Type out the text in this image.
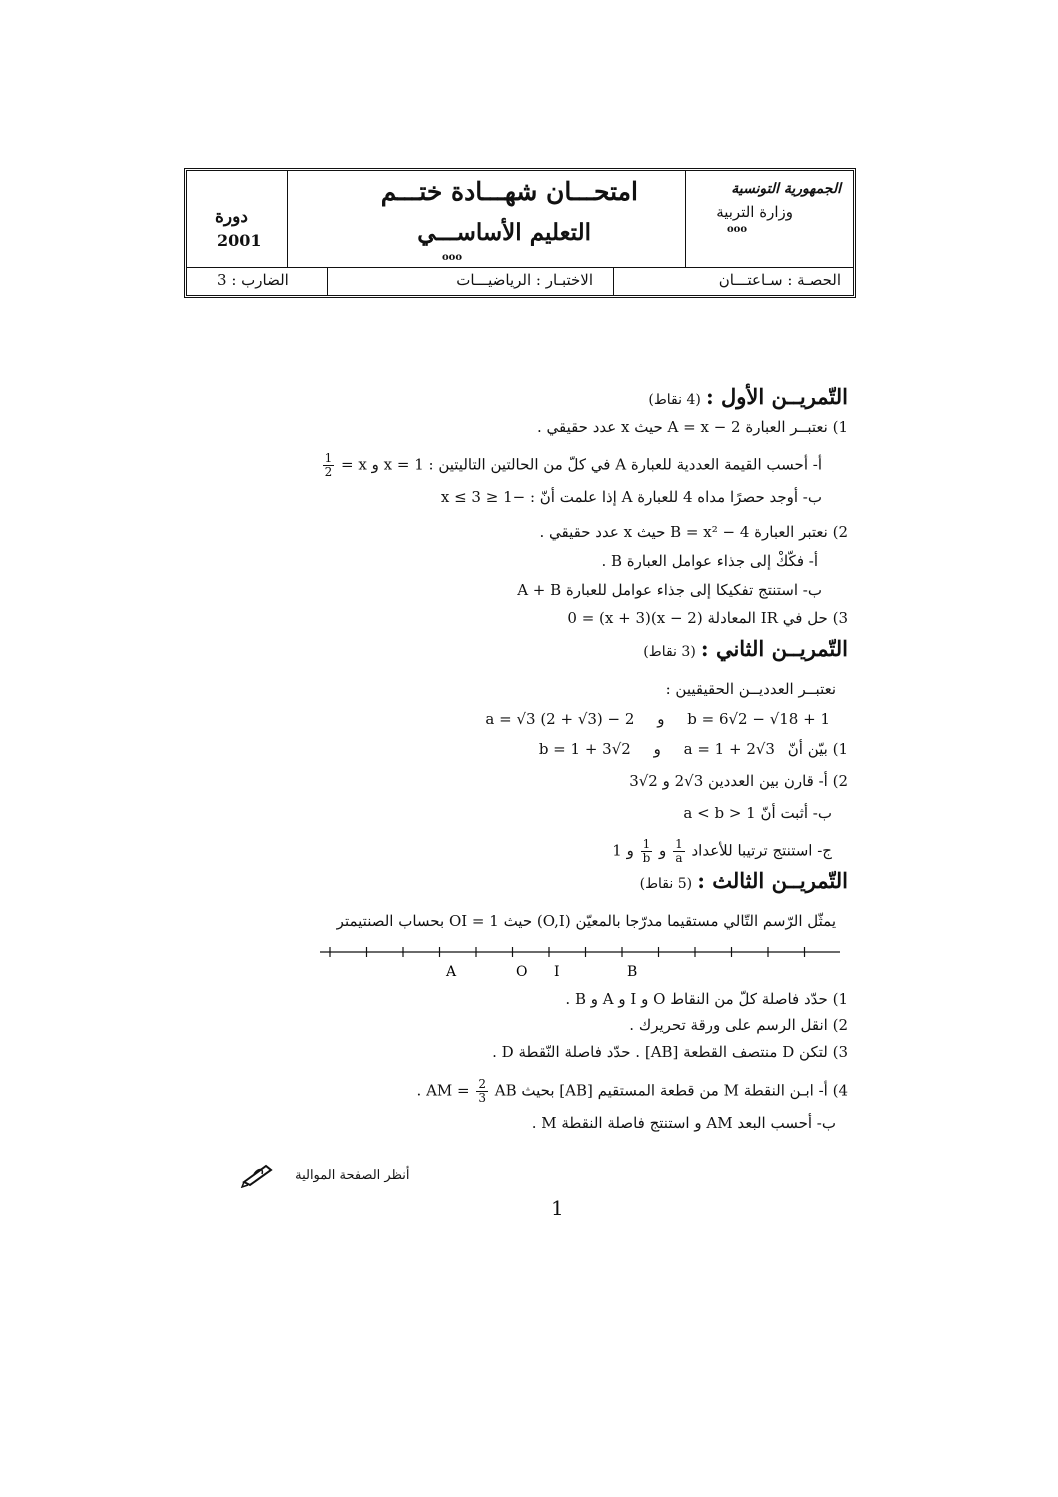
الجمهورية التونسية
وزارة التربية
ooo
امتحـــان شهـــادة ختـــم
التعليم الأساســـي
ooo
دورة
2001
الحصـة : سـاعتـــان
الاختبـار : الرياضيـــات
الضارب : 3
التّمريــن الأول : (4 نقاط)
1) نعتبــر العبارة A = x − 2 حيث x عدد حقيقي .
أ- أحسب القيمة العددية للعبارة A في كلّ من الحالتين التاليتين : x = 1 و x =
$\frac{1}{2}$
ب- أوجد حصرًا مداه 4 للعبارة A إذا علمت أنّ : −1 ≤ x ≤ 3
2) نعتبر العبارة B = x² − 4 حيث x عدد حقيقي .
أ- فكّكْ إلى جذاء عوامل العبارة B .
ب- استنتج تفكيكا إلى جذاء عوامل للعبارة A + B
3) حل في IR المعادلة (x − 2)(x + 3) = 0
التّمريــن الثاني : (3 نقاط)
نعتبــر العدديــن الحقيقيين :
a = √3 (2 + √3) − 2 و b = 6√2 − √18 + 1
1) بيّن أنّ a = 1 + 2√3 و b = 1 + 3√2
2) أ- قارن بين العددين 3√2 و 2√3
ب- أثبت أنّ 1 < a < b
ج- استنتج ترتيبا للأعداد
$\frac{1}{a}$
و
$\frac{1}{b}$
و 1
التّمريــن الثالث : (5 نقاط)
يمثّل الرّسم التّالي مستقيما مدرّجا بالمعيّن (O,I) حيث OI = 1 بحساب الصنتيمتر
A	O I	B
1) حدّد فاصلة كلّ من النقاط O و I و A و B .
2) انقل الرسم على ورقة تحريرك .
3) لتكن D منتصف القطعة [AB] . حدّد فاصلة النّقطة D .
4) أ- ابـن النقطة M من قطعة المستقيم [AB] بحيث AM =
$\frac{2}{3}$
AB .
ب- أحسب البعد AM و استنتج فاصلة النقطة M .
أنظر الصفحة الموالية
1
